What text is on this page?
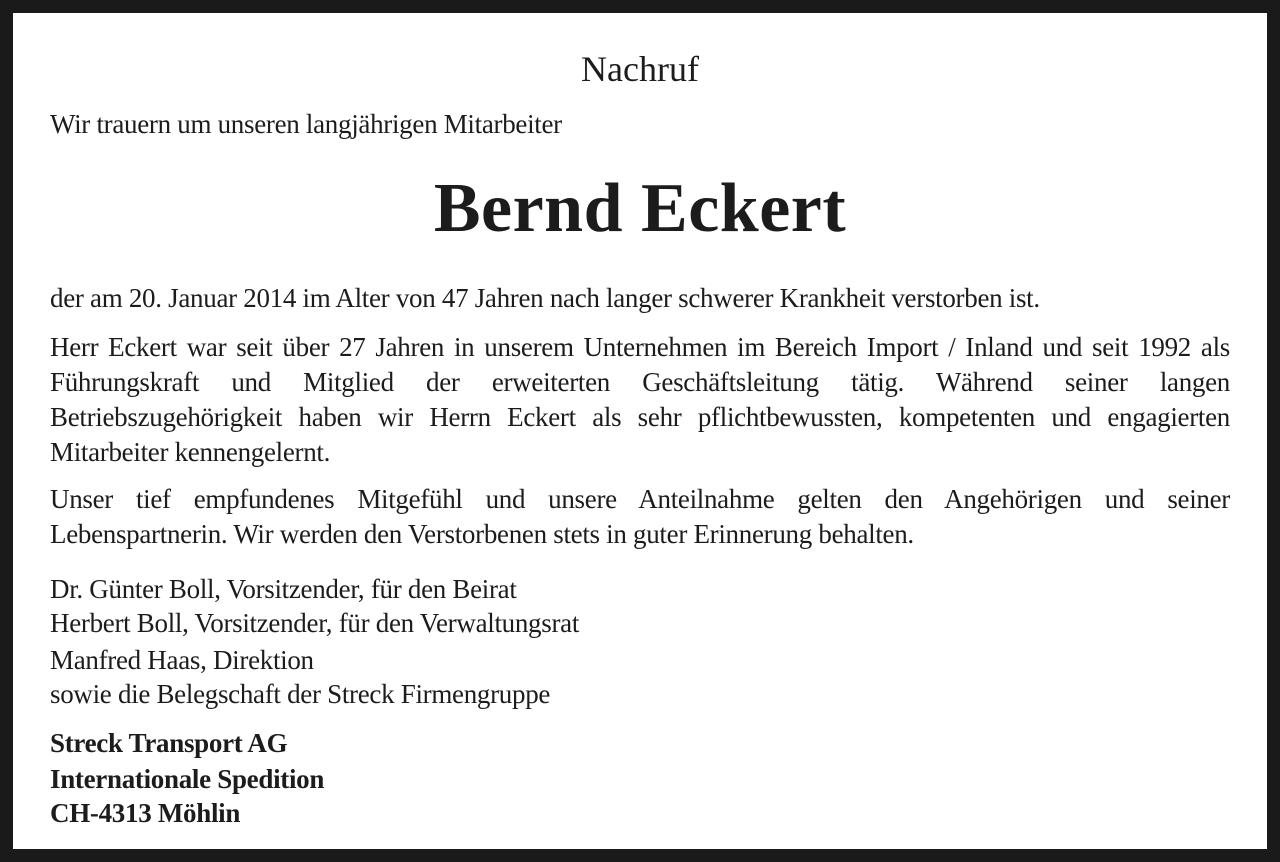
Nachruf

Wir trauern um unseren langjährigen Mitarbeiter

Bernd Eckert

der am 20. Januar 2014 im Alter von 47 Jahren nach langer schwerer Krankheit verstorben ist.

Herr Eckert war seit über 27 Jahren in unserem Unternehmen im Bereich Import / Inland und seit 1992 als Führungskraft und Mitglied der erweiterten Geschäftsleitung tätig. Während seiner langen Betriebszugehörigkeit haben wir Herrn Eckert als sehr pflichtbewussten, kompetenten und engagierten Mitarbeiter kennengelernt.

Unser tief empfundenes Mitgefühl und unsere Anteilnahme gelten den Angehörigen und seiner Lebenspartnerin. Wir werden den Verstorbenen stets in guter Erinnerung behalten.

Dr. Günter Boll, Vorsitzender, für den Beirat

Herbert Boll, Vorsitzender, für den Verwaltungsrat

Manfred Haas, Direktion

sowie die Belegschaft der Streck Firmengruppe

Streck Transport AG

Internationale Spedition

CH-4313 Möhlin
